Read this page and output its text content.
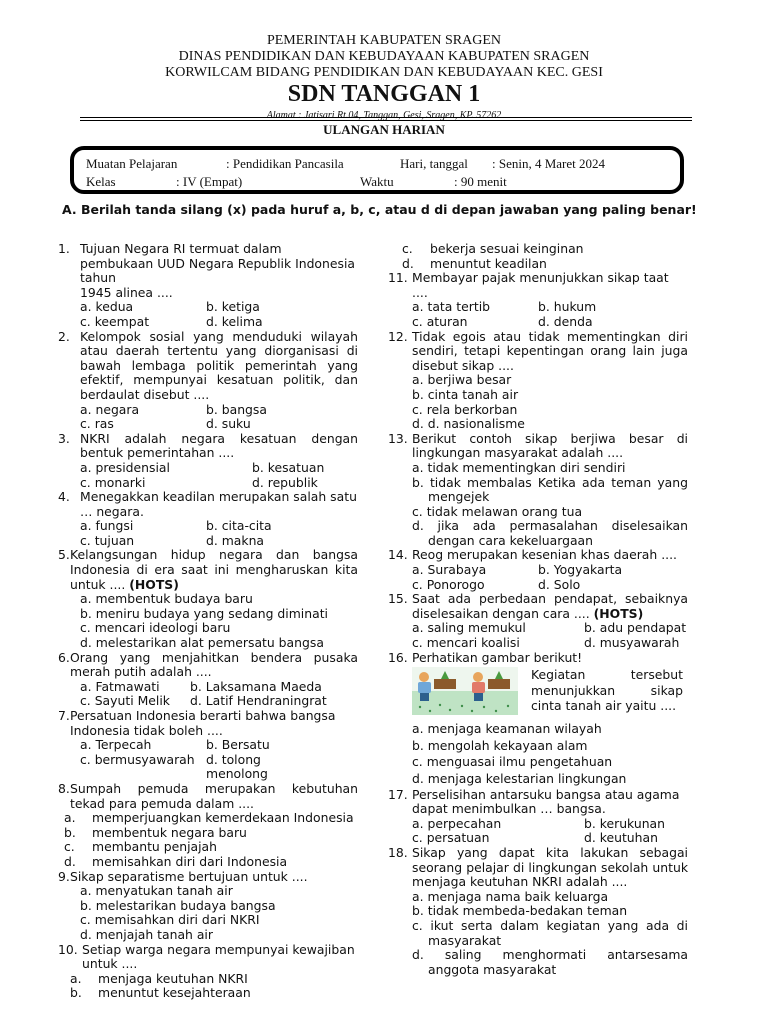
PEMERINTAH KABUPATEN SRAGEN
DINAS PENDIDIKAN DAN KEBUDAYAAN KABUPATEN SRAGEN
KORWILCAM BIDANG PENDIDIKAN DAN KEBUDAYAAN KEC. GESI
SDN TANGGAN 1
Alamat : Jatisari Rt.04, Tanggan, Gesi, Sragen, KP. 57262
ULANGAN HARIAN
Muatan Pelajaran	: Pendidikan Pancasila	Hari, tanggal : Senin, 4 Maret 2024
Kelas	: IV (Empat)	Waktu	: 90 menit
A. Berilah tanda silang (x) pada huruf a, b, c, atau d di depan jawaban yang paling benar!
1. Tujuan Negara RI termuat dalam pembukaan UUD Negara Republik Indonesia tahun
1945 alinea ....
a. kedua	b. ketiga
c. keempat	d. kelima
2. Kelompok sosial yang menduduki wilayah atau daerah tertentu yang diorganisasi di bawah lembaga politik pemerintah yang efektif, mempunyai kesatuan politik, dan berdaulat disebut ....
a. negara	b. bangsa
c. ras	d. suku
3. NKRI adalah negara kesatuan dengan bentuk pemerintahan ....
a. presidensial	b. kesatuan
c. monarki	d. republik
4. Menegakkan keadilan merupakan salah satu … negara.
a. fungsi	b. cita-cita
c. tujuan	d. makna
5. Kelangsungan hidup negara dan bangsa Indonesia di era saat ini mengharuskan kita untuk .... (HOTS)
a. membentuk budaya baru
b. meniru budaya yang sedang diminati
c. mencari ideologi baru
d. melestarikan alat pemersatu bangsa
6. Orang yang menjahitkan bendera pusaka merah putih adalah ....
a. Fatmawati	b. Laksamana Maeda
c. Sayuti Melik	d. Latif Hendraningrat
7. Persatuan Indonesia berarti bahwa bangsa Indonesia tidak boleh ....
a. Terpecah	b. Bersatu
c. bermusyawarah d. tolong menolong
8. Sumpah pemuda merupakan kebutuhan tekad para pemuda dalam ....
a.	memperjuangkan kemerdekaan Indonesia
b.	membentuk negara baru
c.	membantu penjajah
d.	memisahkan diri dari Indonesia
9. Sikap separatisme bertujuan untuk ....
a. menyatukan tanah air
b. melestarikan budaya bangsa
c. memisahkan diri dari NKRI
d. menjajah tanah air
10. Setiap warga negara mempunyai kewajiban untuk ....
a.	menjaga keutuhan NKRI
b.	menuntut kesejahteraan
c.	bekerja sesuai keinginan
d.	menuntut keadilan
11. Membayar pajak menunjukkan sikap taat ....
a. tata tertib	b. hukum
c. aturan	d. denda
12. Tidak egois atau tidak mementingkan diri sendiri, tetapi kepentingan orang lain juga disebut sikap ....
a. berjiwa besar
b. cinta tanah air
c. rela berkorban
d. d. nasionalisme
13. Berikut contoh sikap berjiwa besar di lingkungan masyarakat adalah ....
a. tidak mementingkan diri sendiri
b. tidak membalas Ketika ada teman yang mengejek
c. tidak melawan orang tua
d. jika ada permasalahan diselesaikan dengan cara kekeluargaan
14. Reog merupakan kesenian khas daerah ....
a. Surabaya	b. Yogyakarta
c. Ponorogo	d. Solo
15. Saat ada perbedaan pendapat, sebaiknya diselesaikan dengan cara .... (HOTS)
a. saling memukul	b. adu pendapat
c. mencari koalisi	d. musyawarah
16. Perhatikan gambar berikut!
Kegiatan tersebut menunjukkan sikap cinta tanah air yaitu ....
a. menjaga keamanan wilayah
b. mengolah kekayaan alam
c. menguasai ilmu pengetahuan
d. menjaga kelestarian lingkungan
17. Perselisihan antarsuku bangsa atau agama dapat menimbulkan … bangsa.
a. perpecahan	b. kerukunan
c. persatuan	d. keutuhan
18. Sikap yang dapat kita lakukan sebagai seorang pelajar di lingkungan sekolah untuk menjaga keutuhan NKRI adalah ....
a. menjaga nama baik keluarga
b. tidak membeda-bedakan teman
c. ikut serta dalam kegiatan yang ada di masyarakat
d. saling menghormati antarsesama anggota masyarakat
